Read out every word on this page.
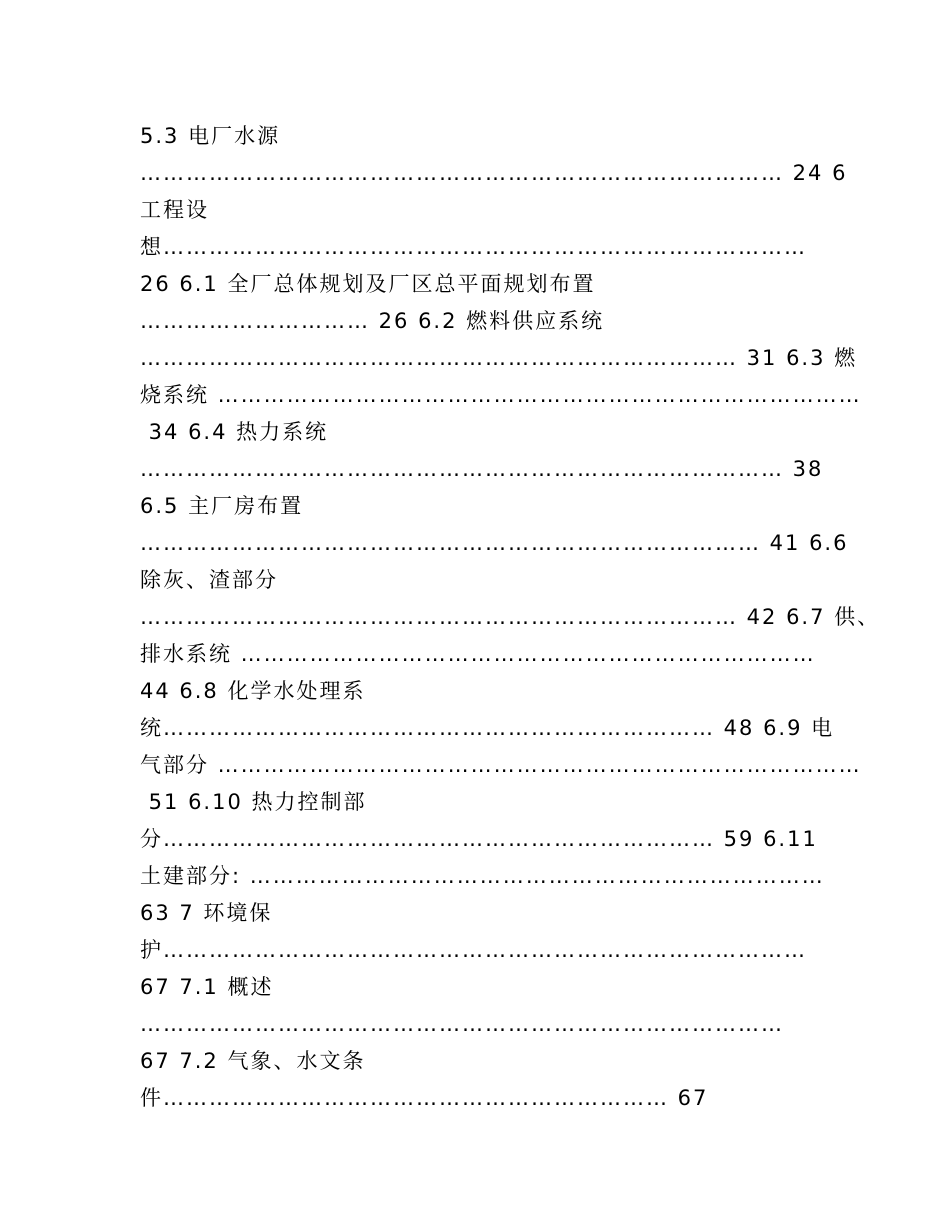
5.3 电厂水源
………………………………………………………………………… 24 6
工程设
想…………………………………………………………………………
26 6.1 全厂总体规划及厂区总平面规划布置
………………………… 26 6.2 燃料供应系统
…………………………………………………………………… 31 6.3 燃
烧系统 …………………………………………………………………………
34 6.4 热力系统
………………………………………………………………………… 38
6.5 主厂房布置
……………………………………………………………………… 41 6.6
除灰、渣部分
…………………………………………………………………… 42 6.7 供、
排水系统 …………………………………………………………………
44 6.8 化学水处理系
统……………………………………………………………… 48 6.9 电
气部分 …………………………………………………………………………
51 6.10 热力控制部
分……………………………………………………………… 59 6.11
土建部分: …………………………………………………………………
63 7 环境保
护…………………………………………………………………………
67 7.1 概述
…………………………………………………………………………
67 7.2 气象、水文条
件………………………………………………………… 67
